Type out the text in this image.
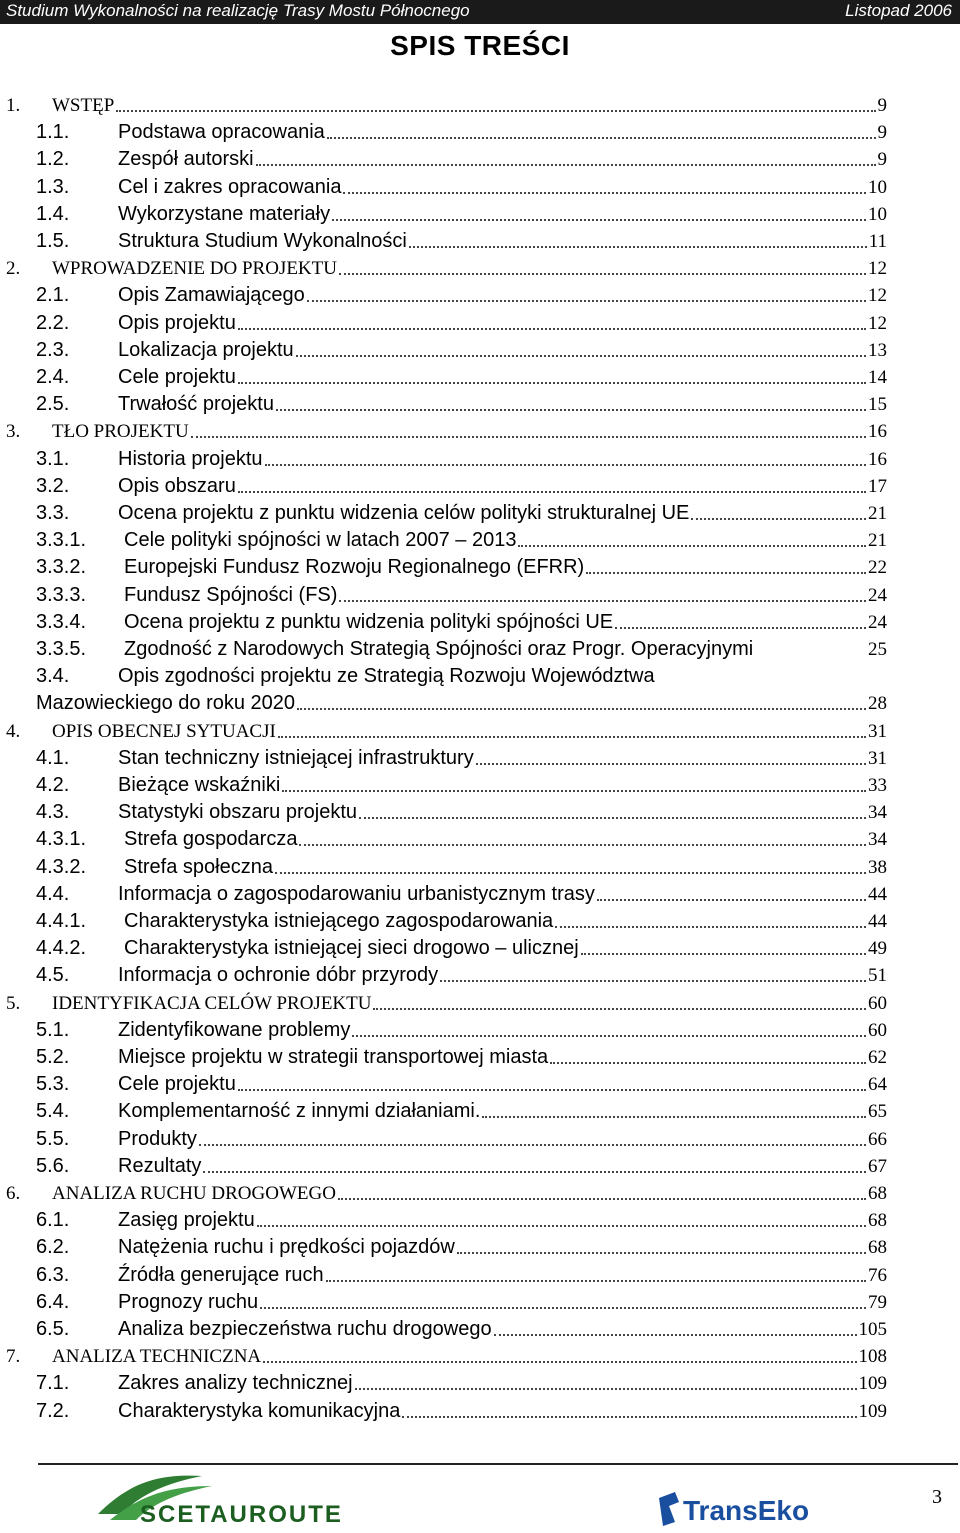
Studium Wykonalności na realizację Trasy Mostu Północnego	Listopad 2006
SPIS TREŚCI
1. WSTĘP	9
1.1. Podstawa opracowania	9
1.2. Zespół autorski	9
1.3. Cel i zakres opracowania	10
1.4. Wykorzystane materiały	10
1.5. Struktura Studium Wykonalności	11
2. WPROWADZENIE DO PROJEKTU	12
2.1. Opis Zamawiającego	12
2.2. Opis projektu	12
2.3. Lokalizacja projektu	13
2.4. Cele projektu	14
2.5. Trwałość projektu	15
3. TŁO PROJEKTU	16
3.1. Historia projektu	16
3.2. Opis obszaru	17
3.3. Ocena projektu z punktu widzenia celów polityki strukturalnej UE	21
3.3.1. Cele polityki spójności w latach 2007 – 2013	21
3.3.2. Europejski Fundusz Rozwoju Regionalnego (EFRR)	22
3.3.3. Fundusz Spójności (FS)	24
3.3.4. Ocena projektu z punktu widzenia polityki spójności UE	24
3.3.5. Zgodność z Narodowych Strategią Spójności oraz Progr. Operacyjnymi	25
3.4. Opis zgodności projektu ze Strategią Rozwoju Województwa
Mazowieckiego do roku 2020	28
4. OPIS OBECNEJ SYTUACJI	31
4.1. Stan techniczny istniejącej infrastruktury	31
4.2. Bieżące wskaźniki	33
4.3. Statystyki obszaru projektu	34
4.3.1. Strefa gospodarcza	34
4.3.2. Strefa społeczna	38
4.4. Informacja o zagospodarowaniu urbanistycznym trasy	44
4.4.1. Charakterystyka istniejącego zagospodarowania	44
4.4.2. Charakterystyka istniejącej sieci drogowo – ulicznej	49
4.5. Informacja o ochronie dóbr przyrody	51
5. IDENTYFIKACJA CELÓW PROJEKTU	60
5.1. Zidentyfikowane problemy	60
5.2. Miejsce projektu w strategii transportowej miasta	62
5.3. Cele projektu	64
5.4. Komplementarność z innymi działaniami.	65
5.5. Produkty	66
5.6. Rezultaty	67
6. ANALIZA RUCHU DROGOWEGO	68
6.1. Zasięg projektu	68
6.2. Natężenia ruchu i prędkości pojazdów	68
6.3. Źródła generujące ruch	76
6.4. Prognozy ruchu	79
6.5. Analiza bezpieczeństwa ruchu drogowego	105
7. ANALIZA TECHNICZNA	108
7.1. Zakres analizy technicznej	109
7.2. Charakterystyka komunikacyjna	109
SCETAUROUTE	TransEko	3
